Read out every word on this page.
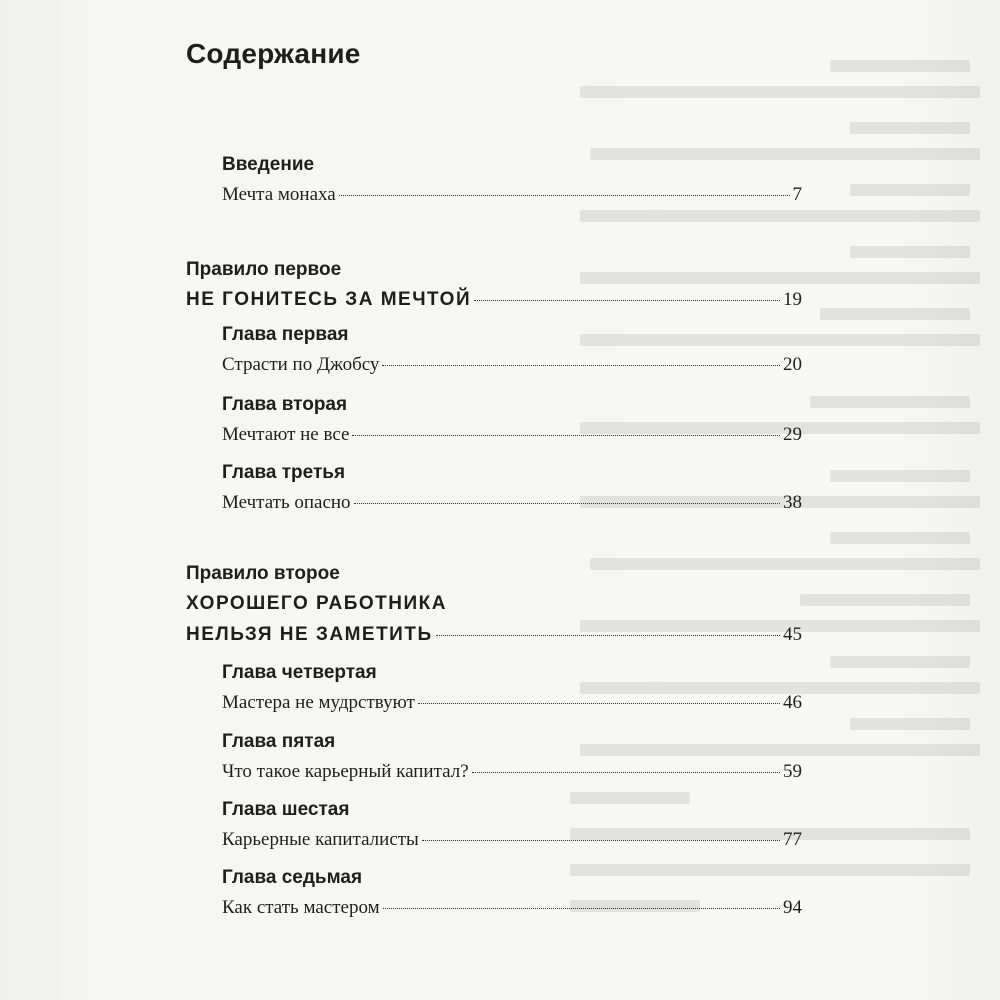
Содержание
Введение
Мечта монаха	7
Правило первое
НЕ ГОНИТЕСЬ ЗА МЕЧТОЙ	19
Глава первая
Страсти по Джобсу	20
Глава вторая
Мечтают не все	29
Глава третья
Мечтать опасно	38
Правило второе
ХОРОШЕГО РАБОТНИКА
НЕЛЬЗЯ НЕ ЗАМЕТИТЬ	45
Глава четвертая
Мастера не мудрствуют	46
Глава пятая
Что такое карьерный капитал?	59
Глава шестая
Карьерные капиталисты	77
Глава седьмая
Как стать мастером	94
